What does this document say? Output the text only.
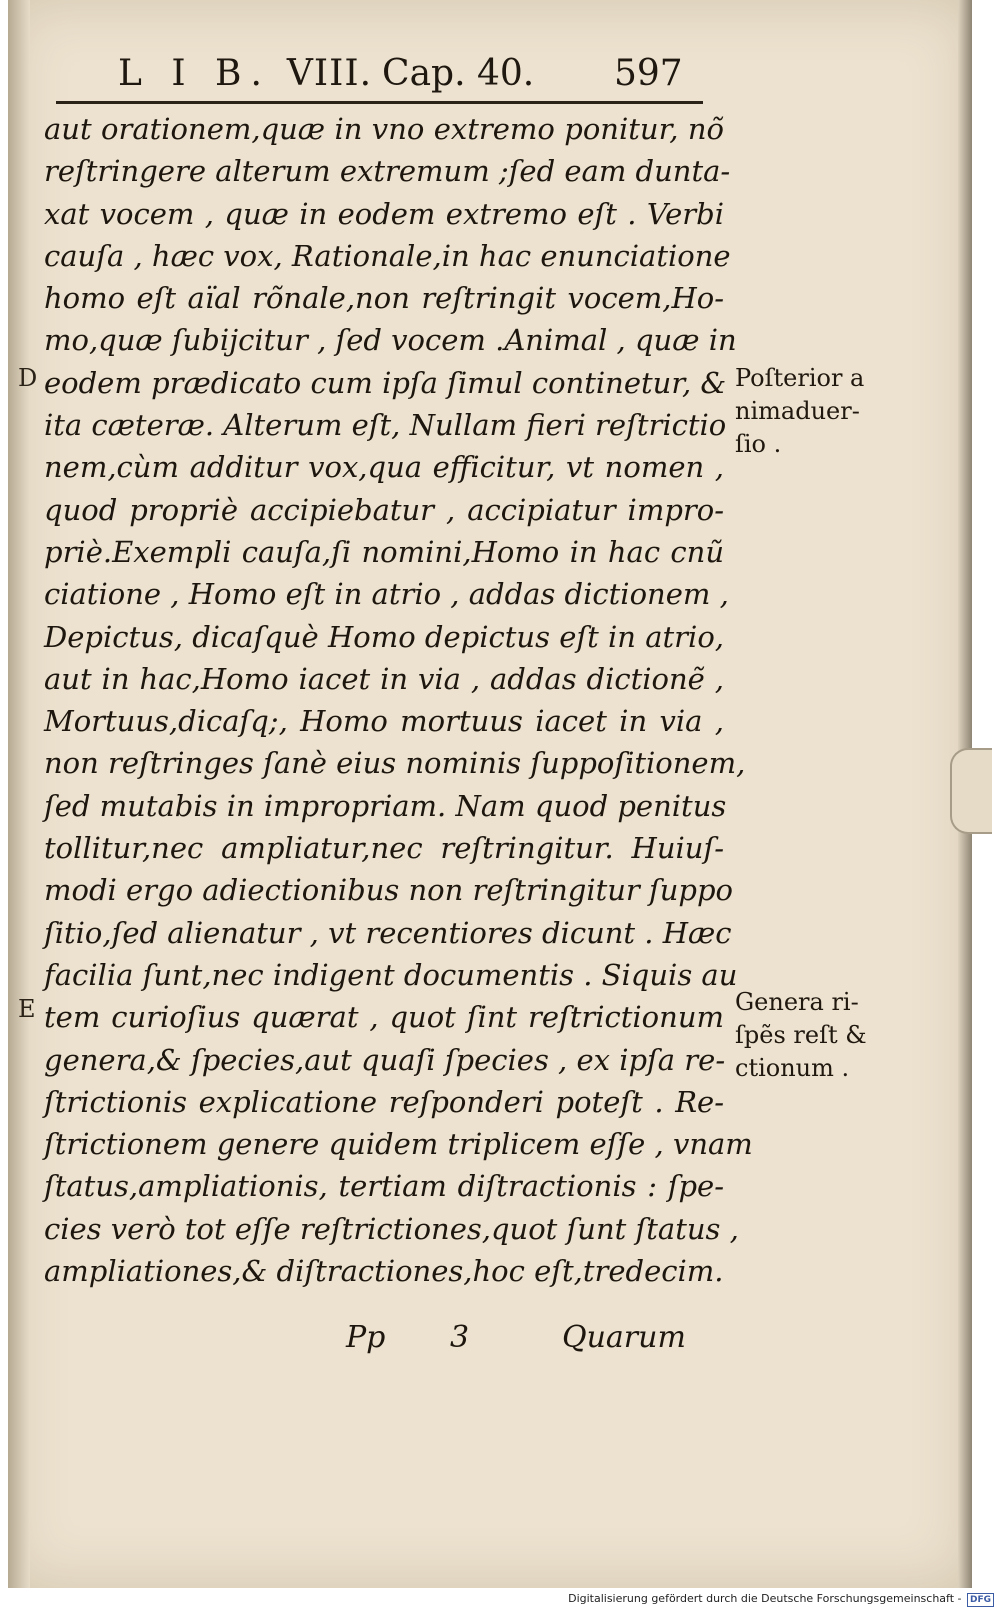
L I B. VIII. Cap. 40. 597
aut orationem,quæ in vno extremo ponitur, nõ
reſtringere alterum extremum ;ſed eam dunta-
xat vocem , quæ in eodem extremo eſt . Verbi
cauſa , hæc vox, Rationale,in hac enunciatione
homo eſt aïal rõnale,non reſtringit vocem,Ho-
mo,quæ ſubijcitur , ſed vocem .Animal , quæ in
eodem prædicato cum ipſa ſimul continetur, &
ita cæteræ. Alterum eſt, Nullam fieri reſtrictio
nem,cùm additur vox,qua efficitur, vt nomen ,
quod propriè accipiebatur , accipiatur impro-
priè.Exempli cauſa,ſi nomini,Homo in hac cnũ
ciatione , Homo eſt in atrio , addas dictionem ,
Depictus, dicaſquè Homo depictus eſt in atrio,
aut in hac,Homo iacet in via , addas dictionẽ ,
Mortuus,dicaſq;, Homo mortuus iacet in via ,
non reſtringes ſanè eius nominis ſuppoſitionem,
ſed mutabis in impropriam. Nam quod penitus
tollitur,nec ampliatur,nec reſtringitur. Huiuſ-
modi ergo adiectionibus non reſtringitur ſuppo
ſitio,ſed alienatur , vt recentiores dicunt . Hæc
facilia ſunt,nec indigent documentis . Siquis au
tem curioſius quærat , quot ſint reſtrictionum
genera,& ſpecies,aut quaſi ſpecies , ex ipſa re-
ſtrictionis explicatione reſponderi poteſt . Re-
ſtrictionem genere quidem triplicem eſſe , vnam
ſtatus,ampliationis, tertiam diſtractionis : ſpe-
cies verò tot eſſe reſtrictiones,quot ſunt ſtatus ,
ampliationes,& diſtractiones,hoc eſt,tredecim.
D
E
Poſterior a
nimaduer-
ſio .
Genera ri-
ſpẽs reſt &
ctionum .
Pp 3	Quarum
Digitalisierung gefördert durch die Deutsche Forschungsgemeinschaft - DFG
